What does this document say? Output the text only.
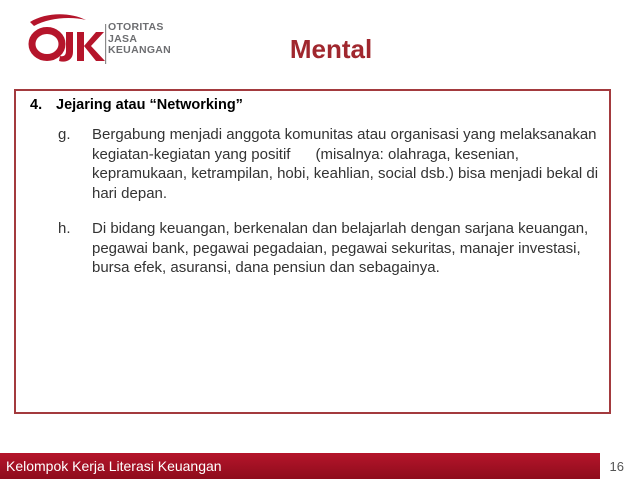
OTORITAS
JASA
KEUANGAN	Mental
4. Jejaring atau “Networking”
g. Bergabung menjadi anggota komunitas atau organisasi yang melaksanakan kegiatan-kegiatan yang positif      (misalnya: olahraga, kesenian, kepramukaan, ketrampilan, hobi, keahlian, social dsb.) bisa menjadi bekal di hari depan.
h. Di bidang keuangan, berkenalan dan belajarlah dengan sarjana keuangan, pegawai bank, pegawai pegadaian, pegawai sekuritas, manajer investasi, bursa efek, asuransi, dana pensiun dan sebagainya.
Kelompok Kerja Literasi Keuangan	16
